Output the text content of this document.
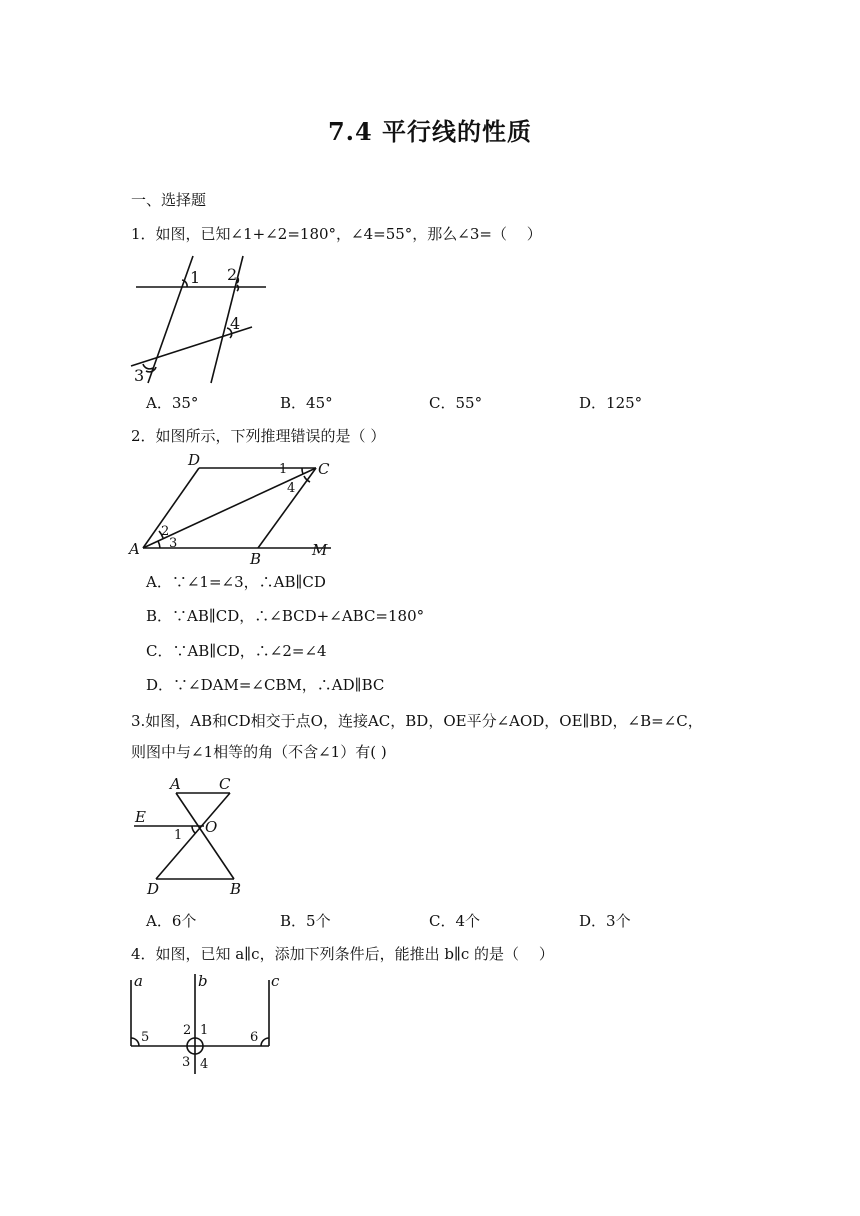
7.4 平行线的性质
一、选择题
1．如图，已知∠1+∠2=180°，∠4=55°，那么∠3=（　 ）
1 2
3
4
A．35°	B．45°	C．55°	D．125°
2．如图所示，下列推理错误的是（ ）
D	C
A
B	M
1
2
3
4
A．∵∠1=∠3，∴AB∥CD
B．∵AB∥CD，∴∠BCD+∠ABC=180°
C．∵AB∥CD，∴∠2=∠4
D．∵∠DAM=∠CBM，∴AD∥BC
3.如图，AB和CD相交于点O，连接AC，BD，OE平分∠AOD，OE∥BD，∠B=∠C，
则图中与∠1相等的角（不含∠1）有( )
A	C
E
O
1
D	B
A．6个	B．5个	C．4个	D．3个
4．如图，已知 a∥c，添加下列条件后，能推出 b∥c 的是（　 ）
a	b	c
5	2 1	6
3 4
